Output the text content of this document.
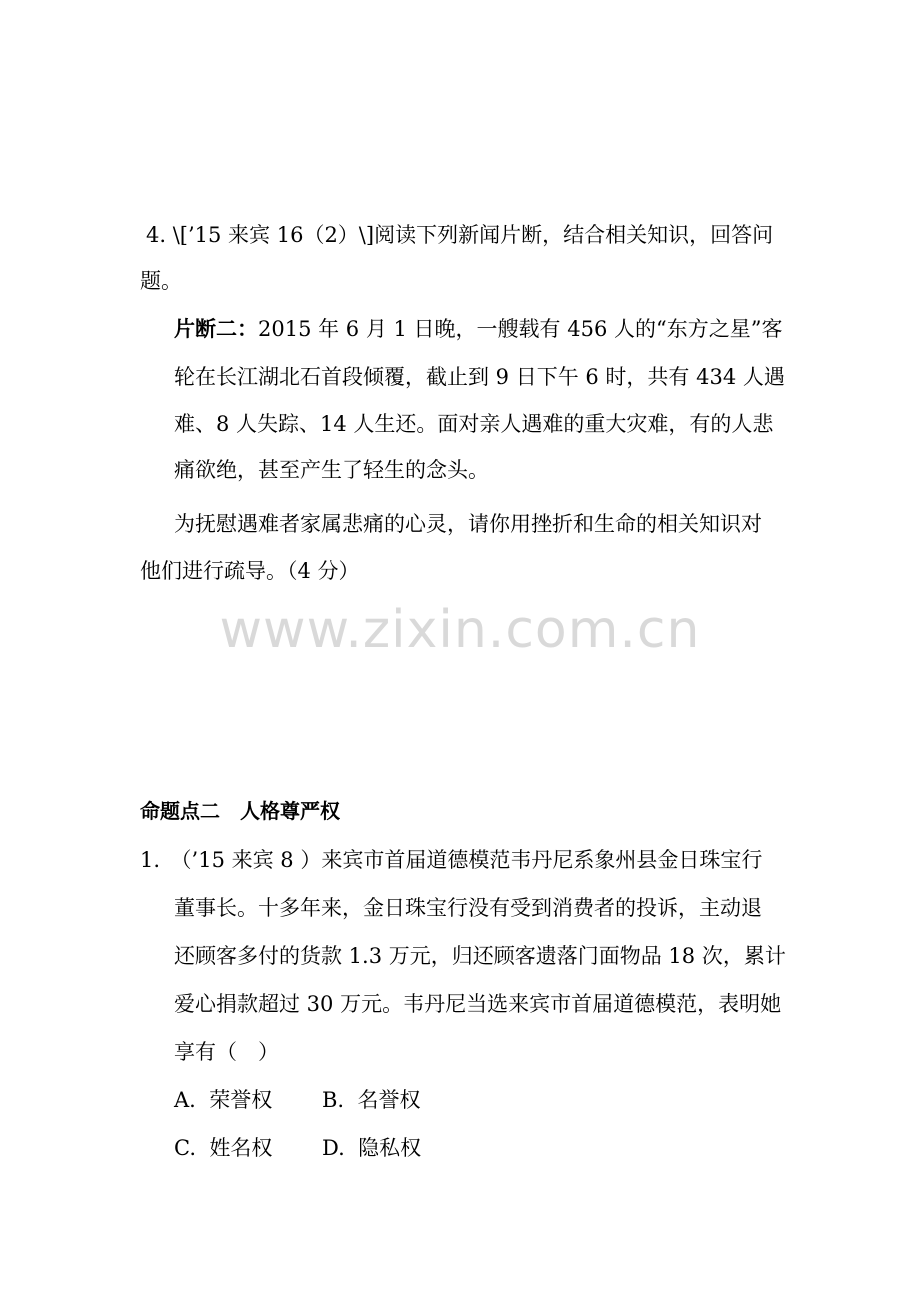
4. \[’15 来宾 16（2）\]阅读下列新闻片断，结合相关知识，回答问
题。
片断二：2015 年 6 月 1 日晚，一艘载有 456 人的“东方之星”客
轮在长江湖北石首段倾覆，截止到 9 日下午 6 时，共有 434 人遇
难、8 人失踪、14 人生还。面对亲人遇难的重大灾难，有的人悲
痛欲绝，甚至产生了轻生的念头。
为抚慰遇难者家属悲痛的心灵，请你用挫折和生命的相关知识对
他们进行疏导。（4 分）
www.zixin.com.cn
命题点二　人格尊严权
1.　（’15 来宾 8 ）来宾市首届道德模范韦丹尼系象州县金日珠宝行
董事长。十多年来，金日珠宝行没有受到消费者的投诉，主动退
还顾客多付的货款 1.3 万元，归还顾客遗落门面物品 18 次，累计
爱心捐款超过 30 万元。韦丹尼当选来宾市首届道德模范，表明她
享有（　）
A. 荣誉权 B. 名誉权
C. 姓名权 D. 隐私权
